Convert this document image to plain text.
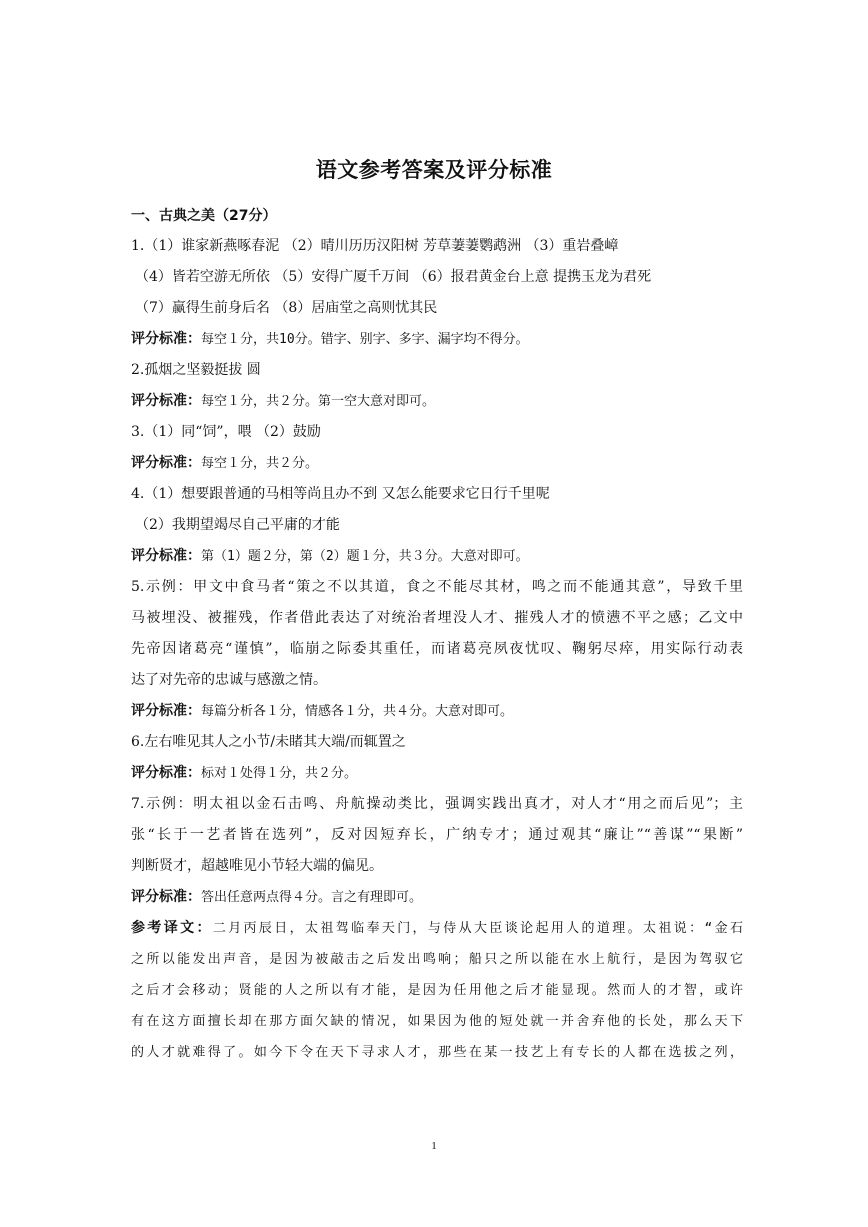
语文参考答案及评分标准
一、古典之美（27分）
1.（1）谁家新燕啄春泥 （2）晴川历历汉阳树 芳草萋萋鹦鹉洲 （3）重岩叠嶂
（4）皆若空游无所依 （5）安得广厦千万间 （6）报君黄金台上意 提携玉龙为君死
（7）赢得生前身后名 （8）居庙堂之高则忧其民
评分标准：每空１分，共10分。错字、别字、多字、漏字均不得分。
2.孤烟之坚毅挺拔 圆
评分标准：每空１分，共２分。第一空大意对即可。
3.（1）同“饲”，喂 （2）鼓励
评分标准：每空１分，共２分。
4.（1）想要跟普通的马相等尚且办不到 又怎么能要求它日行千里呢
（2）我期望竭尽自己平庸的才能
评分标准：第（1）题２分，第（2）题１分，共３分。大意对即可。
5.示例：甲文中食马者“策之不以其道，食之不能尽其材，鸣之而不能通其意”，导致千里
马被埋没、被摧残，作者借此表达了对统治者埋没人才、摧残人才的愤懑不平之感；乙文中
先帝因诸葛亮“谨慎”，临崩之际委其重任，而诸葛亮夙夜忧叹、鞠躬尽瘁，用实际行动表
达了对先帝的忠诚与感激之情。
评分标准：每篇分析各１分，情感各１分，共４分。大意对即可。
6.左右唯见其人之小节/未睹其大端/而辄置之
评分标准：标对１处得１分，共２分。
7.示例：明太祖以金石击鸣、舟航操动类比，强调实践出真才，对人才“用之而后见”；主
张“长于一艺者皆在选列”，反对因短弃长，广纳专才；通过观其“廉让”“善谋”“果断”
判断贤才，超越唯见小节轻大端的偏见。
评分标准：答出任意两点得４分。言之有理即可。
参考译文：二月丙辰日，太祖驾临奉天门，与侍从大臣谈论起用人的道理。太祖说：“金石
之所以能发出声音，是因为被敲击之后发出鸣响；船只之所以能在水上航行，是因为驾驭它
之后才会移动；贤能的人之所以有才能，是因为任用他之后才能显现。然而人的才智，或许
有在这方面擅长却在那方面欠缺的情况，如果因为他的短处就一并舍弃他的长处，那么天下
的人才就难得了。如今下令在天下寻求人才，那些在某一技艺上有专长的人都在选拔之列，
1
